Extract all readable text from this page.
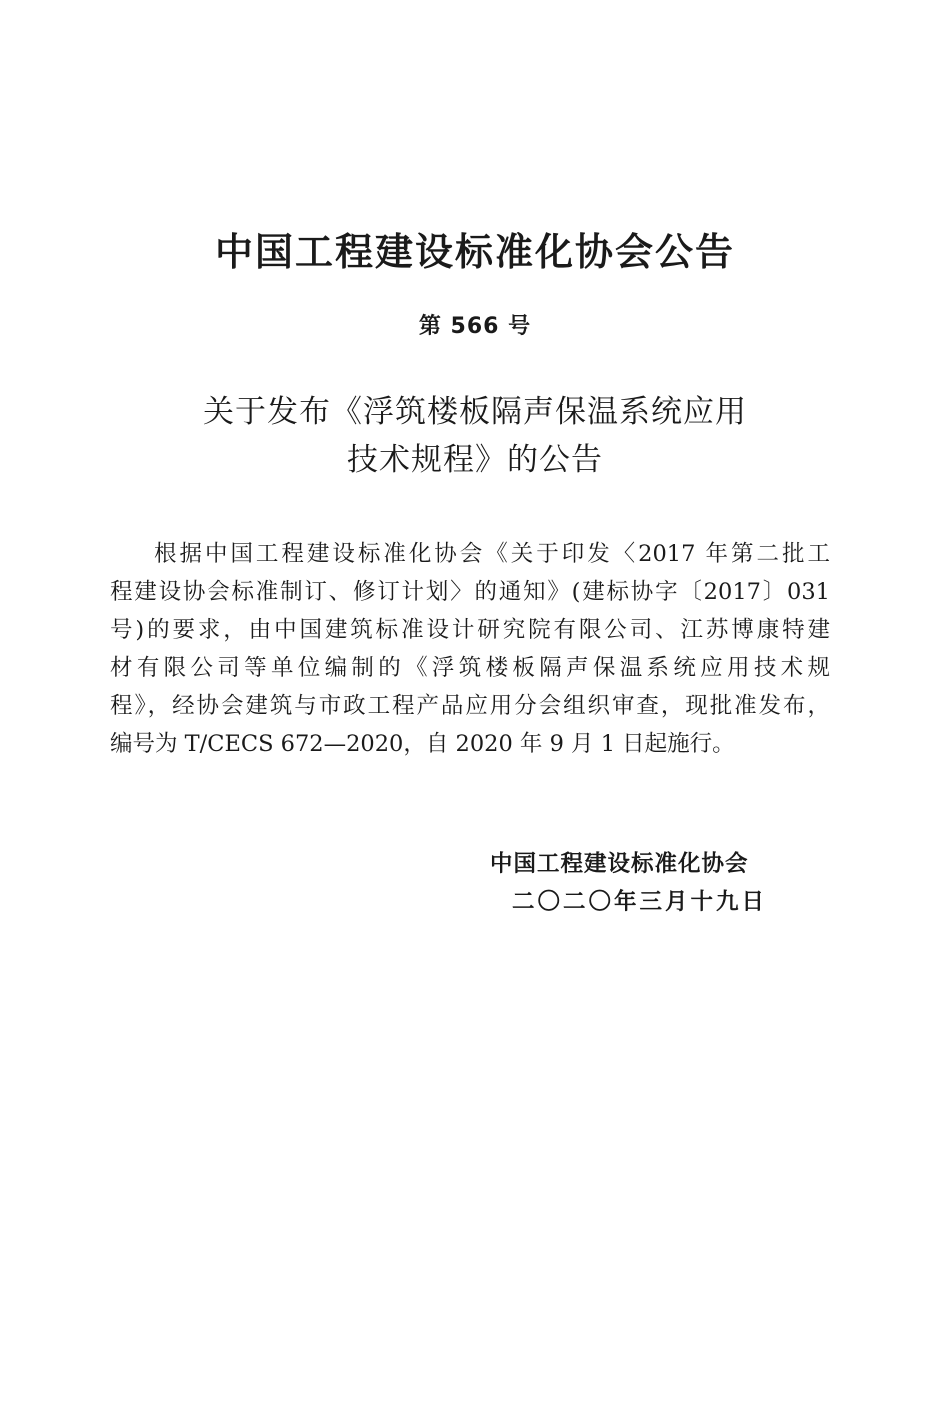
中国工程建设标准化协会公告
第 566 号
关于发布《浮筑楼板隔声保温系统应用
技术规程》的公告
根据中国工程建设标准化协会《关于印发〈2017 年第二批工
程建设协会标准制订、修订计划〉的通知》(建标协字〔2017〕031
号)的要求，由中国建筑标准设计研究院有限公司、江苏博康特建
材有限公司等单位编制的《浮筑楼板隔声保温系统应用技术规
程》，经协会建筑与市政工程产品应用分会组织审查，现批准发布，
编号为 T/CECS 672—2020，自 2020 年 9 月 1 日起施行。
中国工程建设标准化协会
二〇二〇年三月十九日
